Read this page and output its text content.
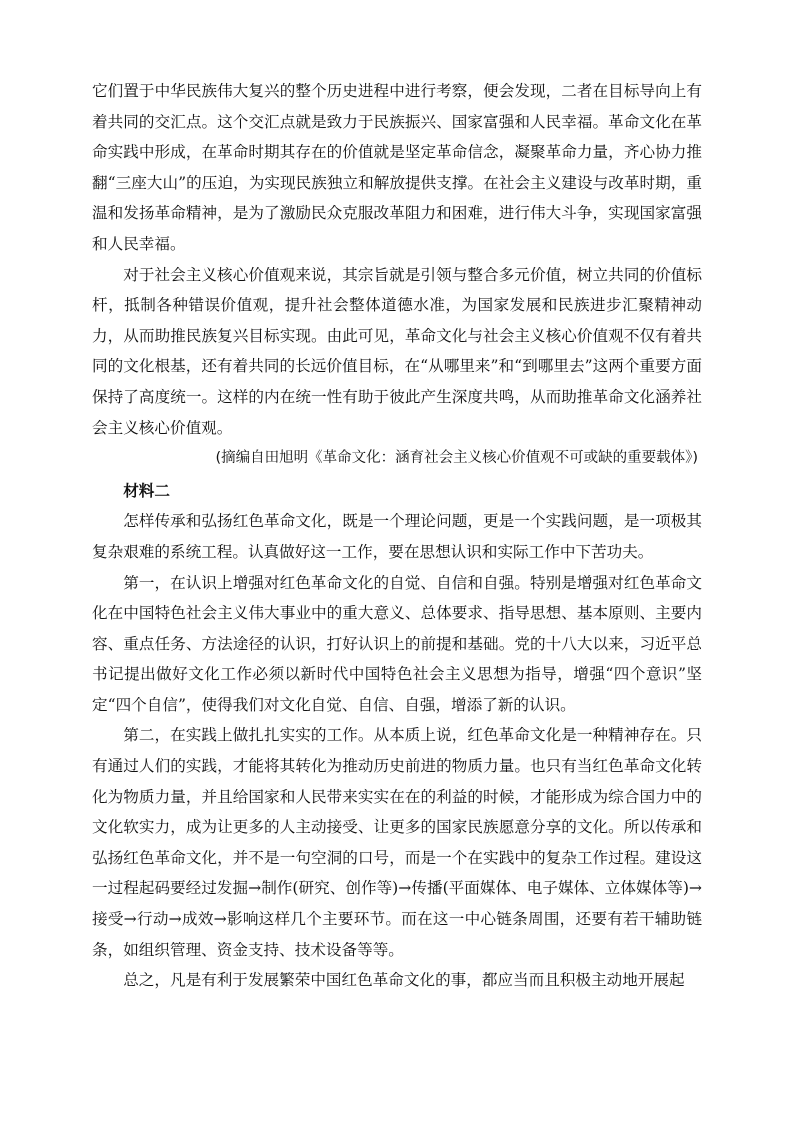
它们置于中华民族伟大复兴的整个历史进程中进行考察，便会发现，二者在目标导向上有着共同的交汇点。这个交汇点就是致力于民族振兴、国家富强和人民幸福。革命文化在革命实践中形成，在革命时期其存在的价值就是坚定革命信念，凝聚革命力量，齐心协力推翻“三座大山”的压迫，为实现民族独立和解放提供支撑。在社会主义建设与改革时期，重温和发扬革命精神，是为了激励民众克服改革阻力和困难，进行伟大斗争，实现国家富强和人民幸福。

对于社会主义核心价值观来说，其宗旨就是引领与整合多元价值，树立共同的价值标杆，抵制各种错误价值观，提升社会整体道德水准，为国家发展和民族进步汇聚精神动力，从而助推民族复兴目标实现。由此可见，革命文化与社会主义核心价值观不仅有着共同的文化根基，还有着共同的长远价值目标，在“从哪里来”和“到哪里去”这两个重要方面保持了高度统一。这样的内在统一性有助于彼此产生深度共鸣，从而助推革命文化涵养社会主义核心价值观。

(摘编自田旭明《革命文化：涵育社会主义核心价值观不可或缺的重要载体》)

材料二

怎样传承和弘扬红色革命文化，既是一个理论问题，更是一个实践问题，是一项极其复杂艰难的系统工程。认真做好这一工作，要在思想认识和实际工作中下苦功夫。

第一，在认识上增强对红色革命文化的自觉、自信和自强。特别是增强对红色革命文化在中国特色社会主义伟大事业中的重大意义、总体要求、指导思想、基本原则、主要内容、重点任务、方法途径的认识，打好认识上的前提和基础。党的十八大以来，习近平总书记提出做好文化工作必须以新时代中国特色社会主义思想为指导，增强“四个意识”坚定“四个自信”，使得我们对文化自觉、自信、自强，增添了新的认识。

第二，在实践上做扎扎实实的工作。从本质上说，红色革命文化是一种精神存在。只有通过人们的实践，才能将其转化为推动历史前进的物质力量。也只有当红色革命文化转化为物质力量，并且给国家和人民带来实实在在的利益的时候，才能形成为综合国力中的文化软实力，成为让更多的人主动接受、让更多的国家民族愿意分享的文化。所以传承和弘扬红色革命文化，并不是一句空洞的口号，而是一个在实践中的复杂工作过程。建设这一过程起码要经过发掘→制作(研究、创作等)→传播(平面媒体、电子媒体、立体媒体等)→接受→行动→成效→影响这样几个主要环节。而在这一中心链条周围，还要有若干辅助链条，如组织管理、资金支持、技术设备等等。

总之，凡是有利于发展繁荣中国红色革命文化的事，都应当而且积极主动地开展起
